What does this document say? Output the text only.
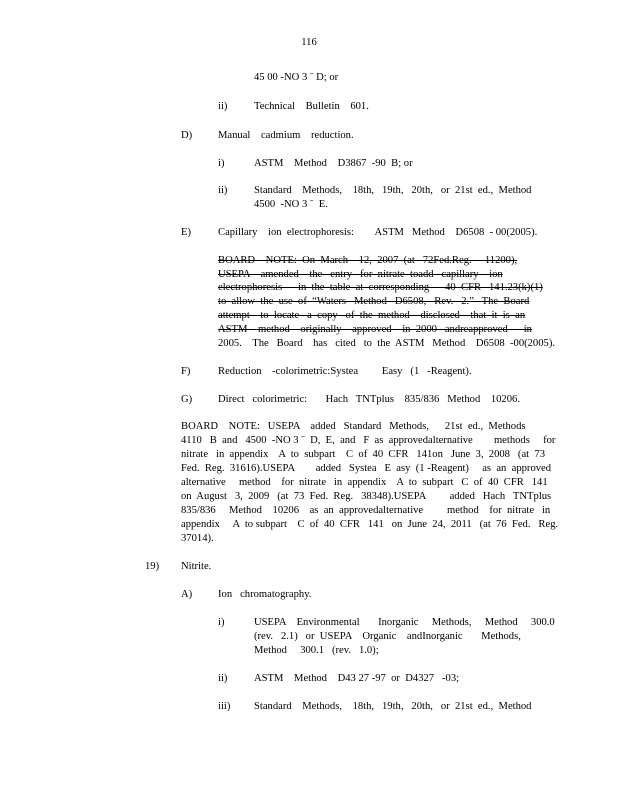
116
45 00 -NO 3 ˉ D; or
ii)	Technical    Bulletin    601.
D) Manual    cadmium    reduction.
i)	ASTM    Method    D3867  -90  B; or
ii)	Standard    Methods,    18th,   19th,   20th,   or  21st  ed.,  Method
4500  -NO 3 ˉ  E.
E)	Capillary    ion  electrophoresis:        ASTM   Method    D6508  - 00(2005).
BOARD    NOTE:  On  March    12,  2007  (at   72Fed.Reg.     11200),
USEPA    amended    the   entry   for  nitrate  toadd   capillary    ion
electrophoresis      in  the  table  at  corresponding      40  CFR   141.23(k)(1)
to  allow  the  use  of  “Waters   Method   D6508,   Rev.   2.”   The  Board
attempt    to  locate   a  copy   of  the  method    disclosed    that  it  is  an
ASTM    method    originally    approved    in  2000   andreapproved      in
2005.    The   Board    has   cited   to  the  ASTM   Method    D6508  -00(2005).
F)	Reduction    -colorimetric:Systea         Easy   (1   -Reagent).
G) Direct   colorimetric:       Hach   TNTplus    835/836   Method    10206.
BOARD    NOTE:   USEPA    added   Standard   Methods,      21st  ed.,  Methods
4110   B  and   4500  -NO 3 ˉ  D,  E,  and   F  as  approvedalternative        methods     for
nitrate   in  appendix    A  to  subpart    C  of  40  CFR   141on   June  3,  2008   (at  73
Fed.  Reg.  31616).USEPA        added   Systea   E  asy  (1 -Reagent)     as  an  approved
alternative     method    for  nitrate   in  appendix    A  to  subpart   C  of  40  CFR   141
on  August   3,  2009   (at  73  Fed.  Reg.   38348).USEPA         added   Hach   TNTplus
835/836     Method    10206    as  an  approvedalternative         method    for  nitrate   in
appendix     A  to subpart    C  of  40  CFR   141   on  June  24,  2011   (at  76  Fed.   Reg.
37014).
19) Nitrite.
A) Ion   chromatography.
i)	USEPA    Environmental       Inorganic     Methods,     Method     300.0
(rev.   2.1)   or  USEPA    Organic    andInorganic       Methods,
Method     300.1   (rev.   1.0);
ii)	ASTM    Method    D43 27 -97  or  D4327   -03;
iii) Standard    Methods,    18th,   19th,   20th,   or  21st  ed.,  Method
